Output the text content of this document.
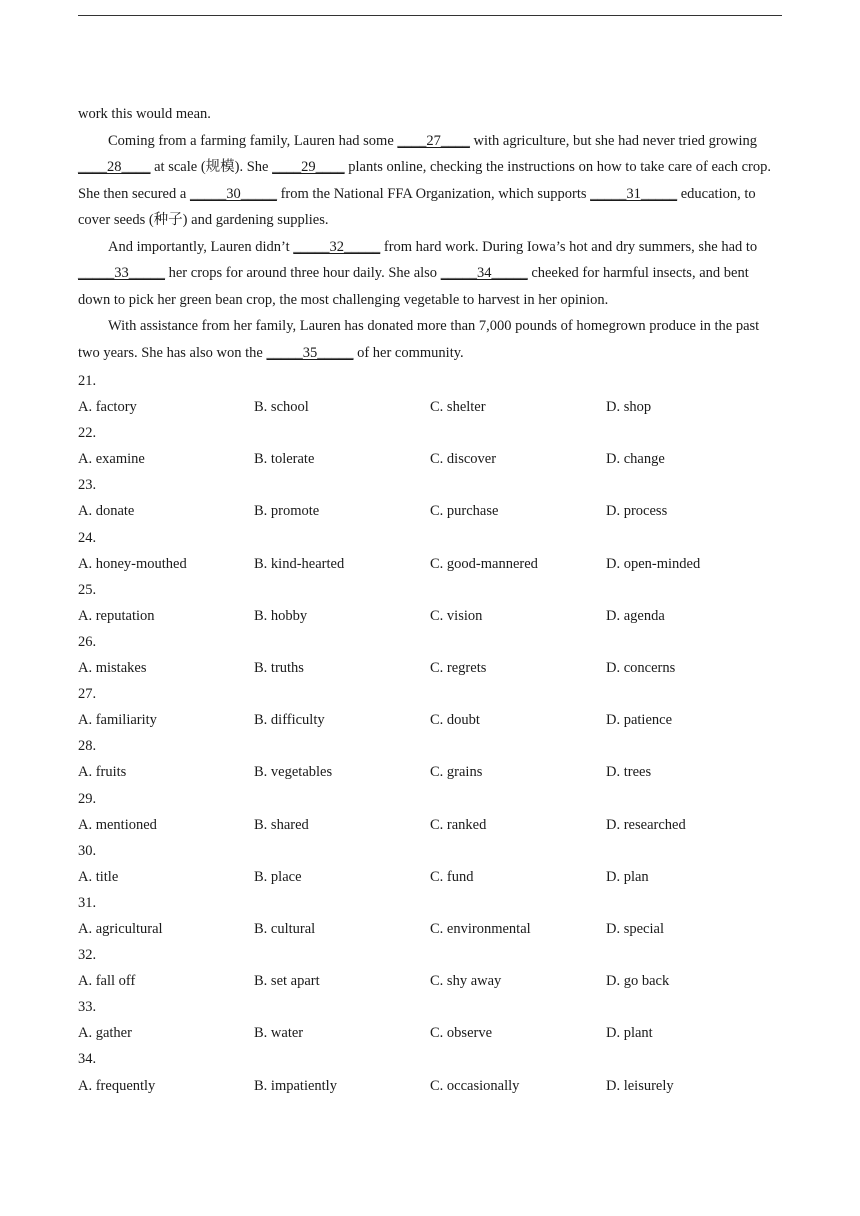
work this would mean.

Coming from a farming family, Lauren had some ____27____ with agriculture, but she had never tried growing ____28____ at scale (规模). She ____29____ plants online, checking the instructions on how to take care of each crop. She then secured a _____30_____ from the National FFA Organization, which supports _____31_____ education, to cover seeds (种子) and gardening supplies.

And importantly, Lauren didn’t _____32_____ from hard work. During Iowa’s hot and dry summers, she had to _____33_____ her crops for around three hour daily. She also _____34_____ cheeked for harmful insects, and bent down to pick her green bean crop, the most challenging vegetable to harvest in her opinion.

With assistance from her family, Lauren has donated more than 7,000 pounds of homegrown produce in the past two years. She has also won the _____35_____ of her community.

21.
A. factory	B. school	C. shelter	D. shop
22.
A. examine	B. tolerate	C. discover	D. change
23.
A. donate	B. promote	C. purchase	D. process
24.
A. honey-mouthed	B. kind-hearted	C. good-mannered	D. open-minded
25.
A. reputation	B. hobby	C. vision	D. agenda
26.
A. mistakes	B. truths	C. regrets	D. concerns
27.
A. familiarity	B. difficulty	C. doubt	D. patience
28.
A. fruits	B. vegetables	C. grains	D. trees
29.
A. mentioned	B. shared	C. ranked	D. researched
30.
A. title	B. place	C. fund	D. plan
31.
A. agricultural	B. cultural	C. environmental	D. special
32.
A. fall off	B. set apart	C. shy away	D. go back
33.
A. gather	B. water	C. observe	D. plant
34.
A. frequently	B. impatiently	C. occasionally	D. leisurely
